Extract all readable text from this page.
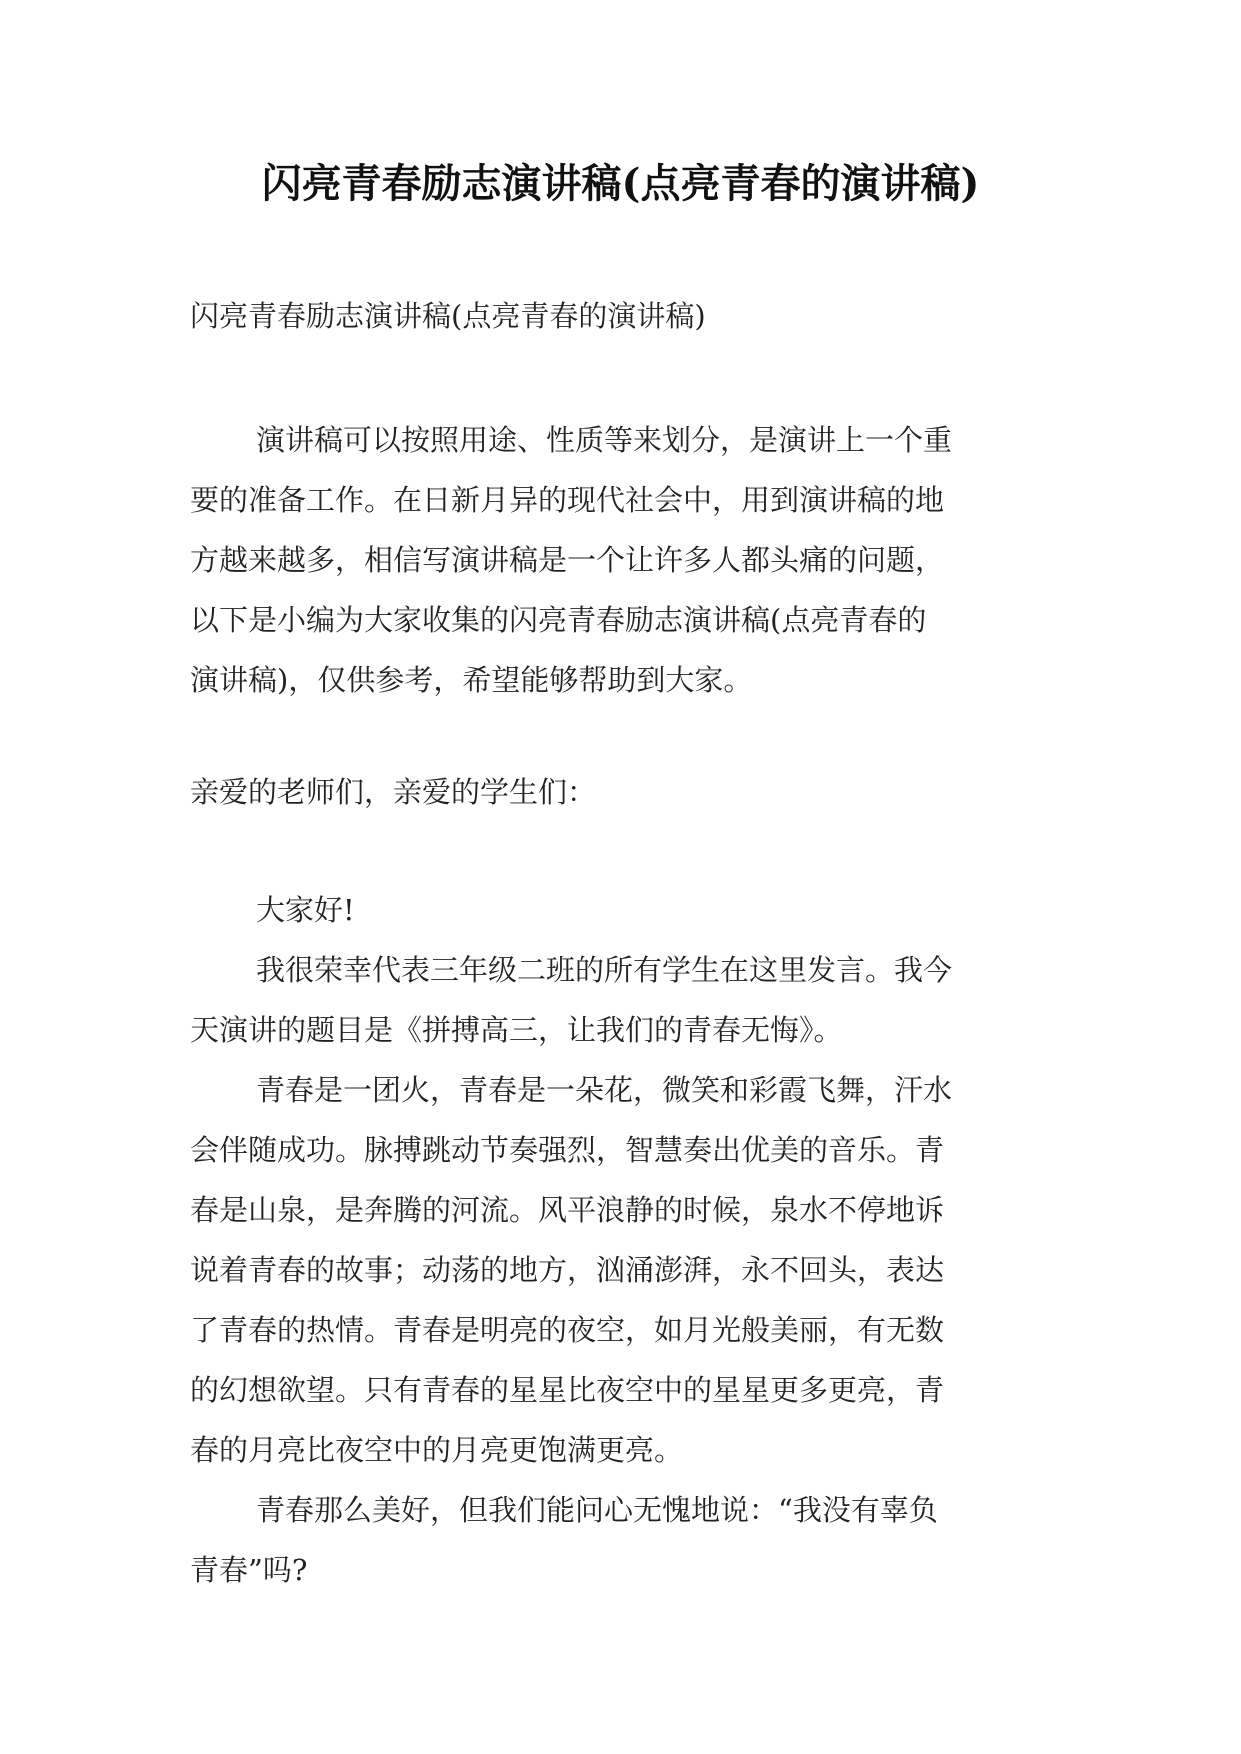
闪亮青春励志演讲稿(点亮青春的演讲稿)
闪亮青春励志演讲稿(点亮青春的演讲稿)
演讲稿可以按照用途、性质等来划分，是演讲上一个重
要的准备工作。在日新月异的现代社会中，用到演讲稿的地
方越来越多，相信写演讲稿是一个让许多人都头痛的问题，
以下是小编为大家收集的闪亮青春励志演讲稿(点亮青春的
演讲稿)，仅供参考，希望能够帮助到大家。
亲爱的老师们，亲爱的学生们：
大家好!
我很荣幸代表三年级二班的所有学生在这里发言。我今
天演讲的题目是《拼搏高三，让我们的青春无悔》。
青春是一团火，青春是一朵花，微笑和彩霞飞舞，汗水
会伴随成功。脉搏跳动节奏强烈，智慧奏出优美的音乐。青
春是山泉，是奔腾的河流。风平浪静的时候，泉水不停地诉
说着青春的故事；动荡的地方，汹涌澎湃，永不回头，表达
了青春的热情。青春是明亮的夜空，如月光般美丽，有无数
的幻想欲望。只有青春的星星比夜空中的星星更多更亮，青
春的月亮比夜空中的月亮更饱满更亮。
青春那么美好，但我们能问心无愧地说：“我没有辜负
青春”吗?
